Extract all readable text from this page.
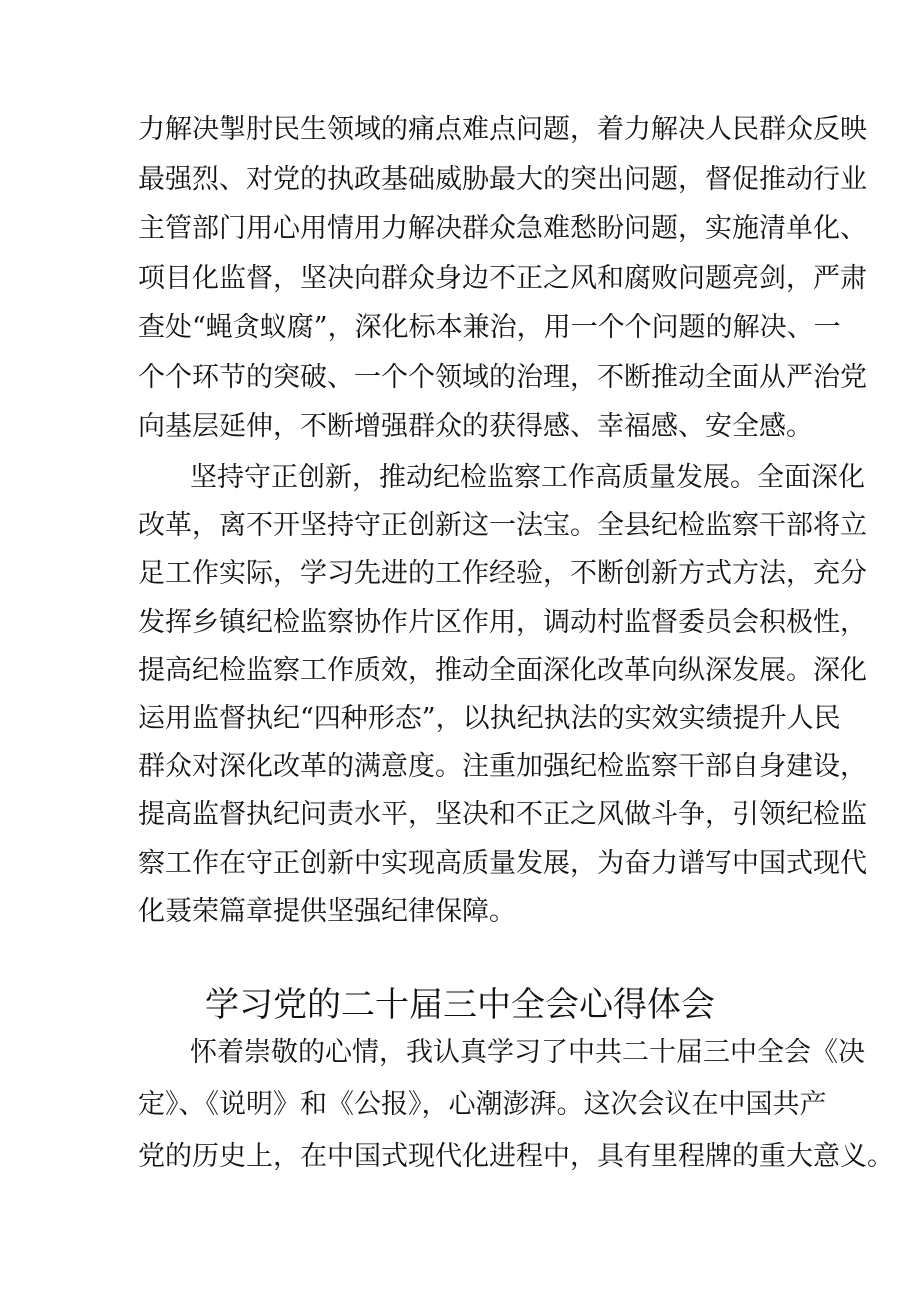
力解决掣肘民生领域的痛点难点问题，着力解决人民群众反映
最强烈、对党的执政基础威胁最大的突出问题，督促推动行业
主管部门用心用情用力解决群众急难愁盼问题，实施清单化、
项目化监督，坚决向群众身边不正之风和腐败问题亮剑，严肃
查处“蝇贪蚁腐”，深化标本兼治，用一个个问题的解决、一
个个环节的突破、一个个领域的治理，不断推动全面从严治党
向基层延伸，不断增强群众的获得感、幸福感、安全感。
坚持守正创新，推动纪检监察工作高质量发展。全面深化
改革，离不开坚持守正创新这一法宝。全县纪检监察干部将立
足工作实际，学习先进的工作经验，不断创新方式方法，充分
发挥乡镇纪检监察协作片区作用，调动村监督委员会积极性，
提高纪检监察工作质效，推动全面深化改革向纵深发展。深化
运用监督执纪“四种形态”，以执纪执法的实效实绩提升人民
群众对深化改革的满意度。注重加强纪检监察干部自身建设，
提高监督执纪问责水平，坚决和不正之风做斗争，引领纪检监
察工作在守正创新中实现高质量发展，为奋力谱写中国式现代
化聂荣篇章提供坚强纪律保障。
学习党的二十届三中全会心得体会
怀着崇敬的心情，我认真学习了中共二十届三中全会《决
定》、《说明》和《公报》，心潮澎湃。这次会议在中国共产
党的历史上，在中国式现代化进程中，具有里程牌的重大意义。
